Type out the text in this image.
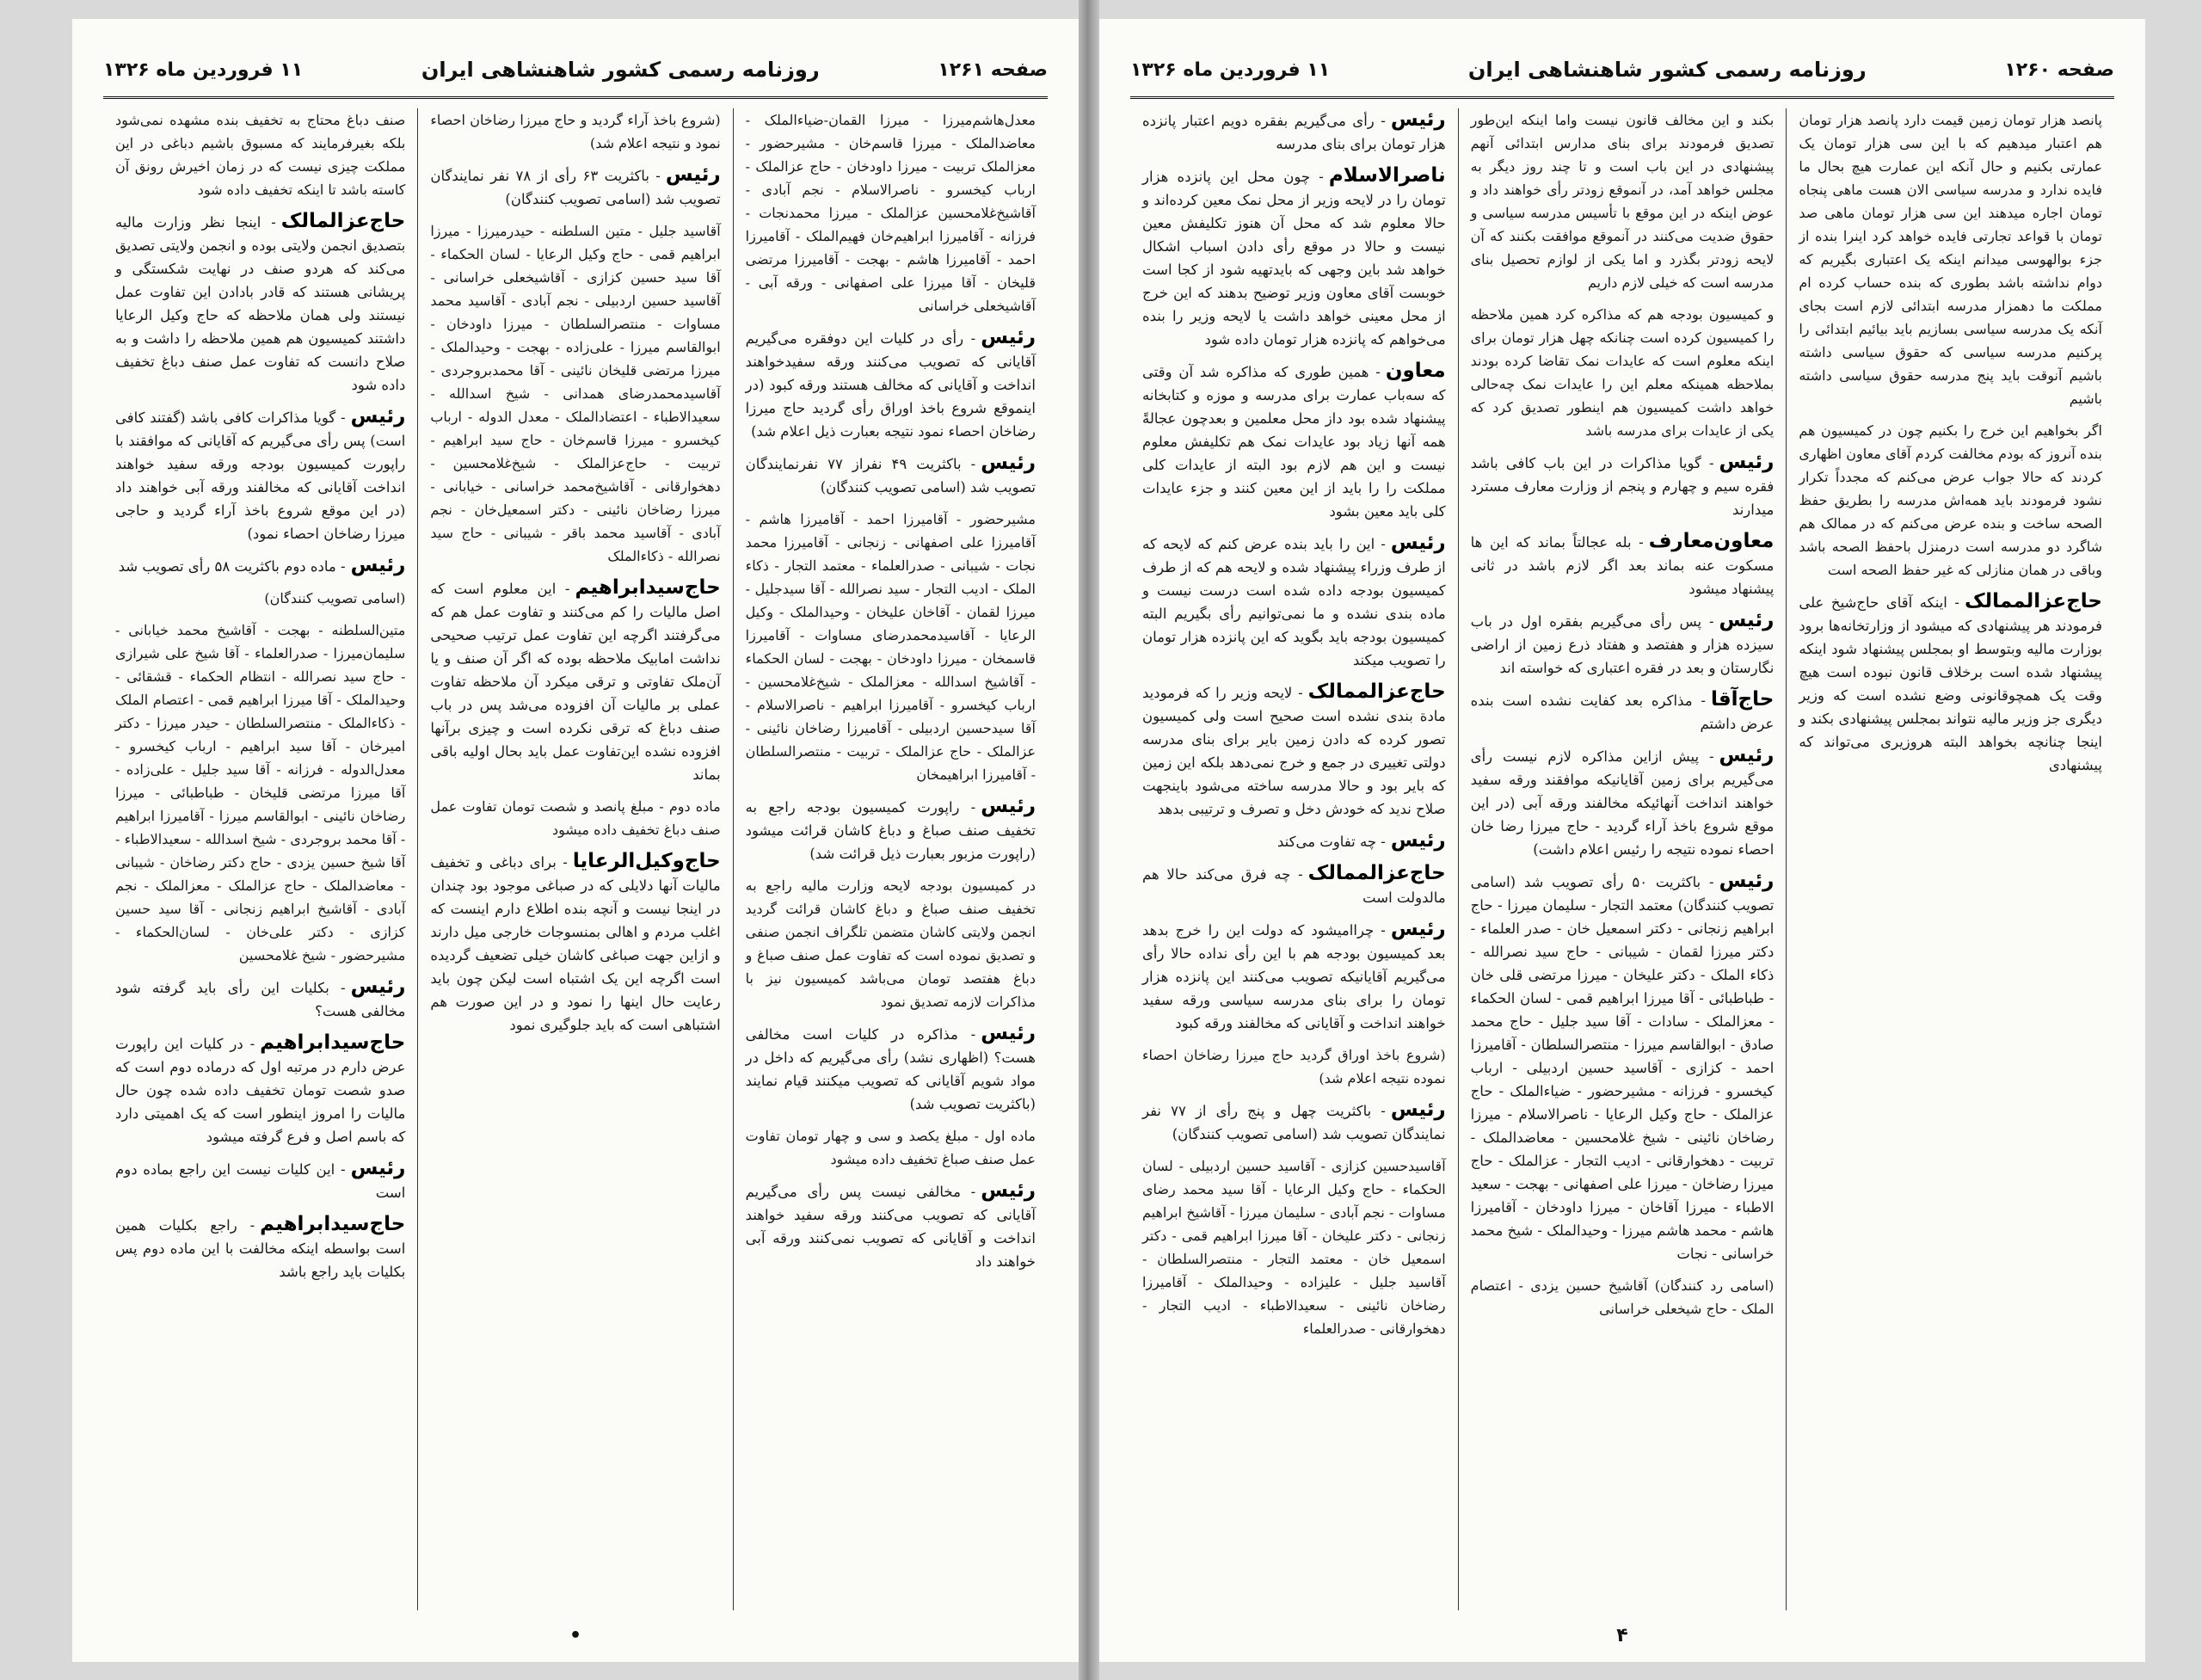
صفحه ۱۲۶۱
روزنامه رسمی کشور شاهنشاهی ایران
۱۱ فروردین ماه ۱۳۲۶
معدل‌هاشم‌میرزا - میرزا القمان-ضیاءالملک - معاضد‌الملک - میرزا قاسم‌خان - مشیرحضور - معزالملک تربیت - میرزا داودخان - حاج عزالملک - ارباب کیخسرو - ناصرالاسلام - نجم آبادی - آقاشیخ‌غلامحسین عزالملک - میرزا محمدنجات - فرزانه - آقامیرزا ابراهیم‌خان فهیم‌الملک - آقامیرزا احمد - آقامیرزا هاشم - بهجت - آقامیرزا مرتضی قلیخان - آقا میرزا علی اصفهانی - ورقه آبی - آقاشیخعلی خراسانی
رئیس- رأی در کلیات این دوفقره می‌گیریم آقایانی که تصویب می‌کنند ورقه سفیدخواهند انداخت و آقایانی که مخالف هستند ورقه کبود (در اینموقع شروع باخذ اوراق رأی گردید حاج میرزا رضاخان احصاء نمود نتیجه بعبارت ذیل اعلام شد)
رئیس- باکثریت ۴۹ نفراز ۷۷ نفرنمایندگان تصویب شد (اسامی تصویب کنندگان)
مشیرحضور - آقامیرزا احمد - آقامیرزا هاشم - آقامیرزا علی اصفهانی - زنجانی - آقامیرزا محمد نجات - شیبانی - صدرالعلماء - معتمد التجار - ذکاء الملک - ادیب التجار - سید نصرالله - آقا سید‌جلیل - میرزا لقمان - آقاخان علیخان - وحیدالملک - وکیل الرعایا - آقاسیدمحمدرضای مساوات - آقامیرزا قاسمخان - میرزا داودخان - بهجت - لسان الحکماء - آقاشیخ اسدالله - معزالملک - شیخ‌غلامحسین - ارباب کیخسرو - آقامیرزا ابراهیم - ناصرالاسلام - آقا سیدحسین اردبیلی - آقامیرزا رضاخان نائینی - عزالملک - حاج عزالملک - تربیت - منتصرالسلطان - آقامیرزا ابراهیمخان
رئیس- راپورت کمیسیون بودجه راجع به تخفیف صنف صباغ و دباغ کاشان قرائت میشود (راپورت مزبور بعبارت ذیل قرائت شد)
در کمیسیون بودجه لایحه وزارت مالیه راجع به تخفیف صنف صباغ و دباغ کاشان قرائت گردید انجمن ولایتی کاشان متضمن تلگراف انجمن صنفی و تصدیق نموده است که تفاوت عمل صنف صباغ و دباغ هفتصد تومان می‌باشد کمیسیون نیز با مذاکرات لازمه تصدیق نمود
رئیس- مذاکره در کلیات است مخالفی هست؟ (اظهاری نشد) رأی می‌گیریم که داخل در مواد شویم آقایانی که تصویب میکنند قیام نمایند (باکثریت تصویب شد)
ماده اول - مبلغ یکصد و سی و چهار تومان تفاوت عمل صنف صباغ تخفیف داده میشود
رئیس- مخالفی نیست پس رأی می‌گیریم آقایانی که تصویب می‌کنند ورقه سفید خواهند انداخت و آقایانی که تصویب نمی‌کنند ورقه آبی خواهند داد
(شروع باخذ آراء گردید و حاج میرزا رضاخان احصاء نمود و نتیجه اعلام شد)
رئیس- باکثریت ۶۳ رأی از ۷۸ نفر نمایندگان تصویب شد (اسامی تصویب کنندگان)
آقاسید جلیل - متین السلطنه - حیدرمیرزا - میرزا ابراهیم قمی - حاج وکیل الرعایا - لسان الحکماء - آقا سید حسین کزازی - آقاشیخعلی خراسانی - آقاسید حسین اردبیلی - نجم آبادی - آقاسید محمد مساوات - منتصرالسلطان - میرزا داودخان - ابوالقاسم میرزا - علی‌زاده - بهجت - وحیدالملک - میرزا مرتضی قلیخان نائینی - آقا محمدبروجردی - آقاسیدمحمدرضای همدانی - شیخ اسدالله - سعیدالاطباء - اعتضادالملک - معدل الدوله - ارباب کیخسرو - میرزا قاسم‌خان - حاج سید ابراهیم - تربیت - حاج‌عزالملک - شیخ‌غلامحسین - دهخوارقانی - آقاشیخ‌محمد خراسانی - خیابانی - میرزا رضاخان نائینی - دکتر اسمعیل‌خان - نجم آبادی - آقاسید محمد باقر - شیبانی - حاج سید نصرالله - ذکاءالملک
حاج‌سیدابراهیم- این معلوم است که اصل مالیات را کم می‌کنند و تفاوت عمل هم که می‌گرفتند اگرچه این تفاوت عمل ترتیب صحیحی نداشت امابیک ملاحظه بوده که اگر آن صنف و یا آن‌ملک تفاوتی و ترقی میکرد آن ملاحظه تفاوت عملی بر مالیات آن افزوده می‌شد پس در باب صنف دباغ که ترقی نکرده است و چیزی برآنها افزوده نشده این‌تفاوت عمل باید بحال اولیه باقی بماند
ماده دوم - مبلغ پانصد و شصت تومان تفاوت عمل صنف دباغ تخفیف داده میشود
حاج‌وکیل‌الرعایا- برای دباغی و تخفیف مالیات آنها دلایلی که در صباغی موجود بود چندان در اینجا نیست و آنچه بنده اطلاع دارم اینست که اغلب مردم و اهالی بمنسوجات خارجی میل دارند و ازاین جهت صباغی کاشان خیلی تضعیف گردیده است اگرچه این یک اشتباه است لیکن چون باید رعایت حال اینها را نمود و در این صورت هم اشتباهی است که باید جلوگیری نمود
صنف دباغ محتاج به تخفیف بنده مشهده نمی‌شود بلکه بغیرفرمایند که مسبوق باشیم دباغی در این مملکت چیزی نیست که در زمان اخیرش رونق آن کاسته باشد تا اینکه تخفیف داده شود
حاج‌عزالمالک- اینجا نظر وزارت مالیه بتصدیق انجمن ولایتی بوده و انجمن ولایتی تصدیق می‌کند که هردو صنف در نهایت شکستگی و پریشانی هستند که قادر بادادن این تفاوت عمل نیستند ولی همان ملاحظه که حاج وکیل الرعایا داشتند کمیسیون هم همین ملاحظه را داشت و به صلاح دانست که تفاوت عمل صنف دباغ تخفیف داده شود
رئیس- گویا مذاکرات کافی باشد (گفتند کافی است) پس رأی می‌گیریم که آقایانی که موافقند با راپورت کمیسیون بودجه ورقه سفید خواهند انداخت آقایانی که مخالفند ورقه آبی خواهند داد (در این موقع شروع باخذ آراء گردید و حاجی میرزا رضاخان احصاء نمود)
رئیس- ماده دوم باکثریت ۵۸ رأی تصویب شد
(اسامی تصویب کنندگان)
متین‌السلطنه - بهجت - آقاشیخ محمد خیابانی - سلیمان‌میرزا - صدرالعلماء - آقا شیخ علی شیرازی - حاج سید نصرالله - انتظام الحکماء - قشقائی - وحیدالملک - آقا میرزا ابراهیم قمی - اعتصام الملک - ذکاءالملک - منتصرالسلطان - حیدر میرزا - دکتر امیرخان - آقا سید ابراهیم - ارباب کیخسرو - معدل‌الدوله - فرزانه - آقا سید جلیل - علی‌زاده - آقا میرزا مرتضی قلیخان - طباطبائی - میرزا رضاخان نائینی - ابوالقاسم میرزا - آقامیرزا ابراهیم - آقا محمد بروجردی - شیخ اسدالله - سعیدالاطباء - آقا شیخ حسین یزدی - حاج دکتر رضاخان - شیبانی - معاضدالملک - حاج عزالملک - معزالملک - نجم آبادی - آقاشیخ ابراهیم زنجانی - آقا سید حسین کزازی - دکتر علی‌خان - لسان‌الحکماء - مشیرحضور - شیخ غلامحسین
رئیس- بکلیات این رأی باید گرفته شود مخالفی هست؟
حاج‌سیدابراهیم- در کلیات این راپورت عرض دارم در مرتبه اول که درماده دوم است که صدو شصت تومان تخفیف داده شده چون حال مالیات را امروز اینطور است که یک اهمیتی دارد که باسم اصل و فرع گرفته میشود
رئیس- این کلیات نیست این راجع بماده دوم است
حاج‌سید‌ابراهیم- راجع بکلیات همین است بواسطه اینکه مخالفت با این ماده دوم پس بکلیات باید راجع باشد
•
صفحه ۱۲۶۰
روزنامه رسمی کشور شاهنشاهی ایران
۱۱ فروردین ماه ۱۳۲۶
پانصد هزار تومان زمین قیمت دارد پانصد هزار تومان هم اعتبار میدهیم که با این سی هزار تومان یک عمارتی بکنیم و حال آنکه این عمارت هیچ بحال ما فایده ندارد و مدرسه سیاسی الان هست ماهی پنجاه تومان اجاره میدهند این سی هزار تومان ماهی صد تومان با قواعد تجارتی فایده خواهد کرد اینرا بنده از جزء بوالهوسی میدانم اینکه یک اعتباری بگیریم که دوام نداشته باشد بطوری که بنده حساب کرده ام مملکت ما دهمزار مدرسه ابتدائی لازم است بجای آنکه یک مدرسه سیاسی بسازیم باید بیائیم ابتدائی را پرکنیم مدرسه سیاسی که حقوق سیاسی داشته باشیم آنوقت باید پنج مدرسه حقوق سیاسی داشته باشیم
اگر بخواهیم این خرج را بکنیم چون در کمیسیون هم بنده آنروز که بودم مخالفت کردم آقای معاون اظهاری کردند که حالا جواب عرض می‌کنم که مجدداً تکرار نشود فرمودند باید همه‌اش مدرسه را بطریق حفظ الصحه ساخت و بنده عرض می‌کنم که در ممالک هم شاگرد دو مدرسه است درمنزل باحفظ الصحه باشد وباقی در همان منازلی که غیر حفظ الصحه است
حاج‌عزالممالک- اینکه آقای حاج‌شیخ علی فرمودند هر پیشنهادی که میشود از وزارتخانه‌ها برود بوزارت مالیه وبتوسط او بمجلس پیشنهاد شود اینکه پیشنهاد شده است برخلاف قانون نبوده است هیچ وقت یک همچوقانونی وضع نشده است که وزیر دیگری جز وزیر مالیه نتواند بمجلس پیشنهادی بکند و اینجا چنانچه بخواهد البته هروزیری می‌تواند که پیشنهادی
بکند و این مخالف قانون نیست واما اینکه این‌طور تصدیق فرمودند برای بنای مدارس ابتدائی آنهم پیشنهادی در این باب است و تا چند روز دیگر به مجلس خواهد آمد، در آنموقع زودتر رأی خواهند داد و عوض اینکه در این موقع با تأسیس مدرسه سیاسی و حقوق ضدیت می‌کنند در آنموقع موافقت بکنند که آن لایحه زودتر بگذرد و اما یکی از لوازم تحصیل بنای مدرسه است که خیلی لازم داریم
و کمیسیون بودجه هم که مذاکره کرد همین ملاحظه را کمیسیون کرده است چنانکه چهل هزار تومان برای اینکه معلوم است که عایدات نمک تقاضا کرده بودند بملاحظه همینکه معلم این را عایدات نمک چه‌حالی خواهد داشت کمیسیون هم اینطور تصدیق کرد که یکی از عایدات برای مدرسه باشد
رئیس- گویا مذاکرات در این باب کافی باشد فقره سیم و چهارم و پنجم از وزارت معارف مسترد میدارند
معاون‌معارف- بله عجالتاً بماند که این ها مسکوت عنه بماند بعد اگر لازم باشد در ثانی پیشنهاد میشود
رئیس- پس رأی می‌گیریم بفقره اول در باب سیزده هزار و هفتصد و هفتاد ذرع زمین از اراضی نگارستان و بعد در فقره اعتباری که خواسته اند
حاج‌آقا- مذاکره بعد کفایت نشده است بنده عرض داشتم
رئیس- پیش ازاین مذاکره لازم نیست رأی می‌گیریم برای زمین آقایانیکه موافقند ورقه سفید خواهند انداخت آنهائیکه مخالفند ورقه آبی (در این موقع شروع باخذ آراء گردید - حاج میرزا رضا خان احصاء نموده نتیجه را رئیس اعلام داشت)
رئیس- باکثریت ۵۰ رأی تصویب شد (اسامی تصویب کنندگان) معتمد التجار - سلیمان میرزا - حاج ابراهیم زنجانی - دکتر اسمعیل خان - صدر العلماء - دکتر میرزا لقمان - شیبانی - حاج سید نصرالله - ذکاء الملک - دکتر علیخان - میرزا مرتضی قلی خان - طباطبائی - آقا میرزا ابراهیم قمی - لسان الحکماء - معزالملک - سادات - آقا سید جلیل - حاج محمد صادق - ابوالقاسم میرزا - منتصرالسلطان - آقامیرزا احمد - کزازی - آقاسید حسین اردبیلی - ارباب کیخسرو - فرزانه - مشیرحضور - ضیاءالملک - حاج عزالملک - حاج وکیل الرعایا - ناصرالاسلام - میرزا رضاخان نائینی - شیخ غلامحسین - معاضدالملک - تربیت - دهخوارقانی - ادیب التجار - عزالملک - حاج میرزا رضاخان - میرزا علی اصفهانی - بهجت - سعید الاطباء - میرزا آقاخان - میرزا داودخان - آقامیرزا هاشم - محمد هاشم میرزا - وحیدالملک - شیخ محمد خراسانی - نجات
(اسامی رد کنندگان) آقاشیخ حسین یزدی - اعتصام الملک - حاج شیخعلی خراسانی
رئیس- رأی می‌گیریم بفقره دویم اعتبار پانزده هزار تومان برای بنای مدرسه
ناصرالاسلام- چون محل این پانزده هزار تومان را در لایحه وزیر از محل نمک معین کرده‌اند و حالا معلوم شد که محل آن هنوز تکلیفش معین نیست و حالا در موقع رأی دادن اسباب اشکال خواهد شد باین وجهی که بایدتهیه شود از کجا است خوبست آقای معاون وزیر توضیح بدهند که این خرج از محل معینی خواهد داشت یا لایحه وزیر را بنده می‌خواهم که پانزده هزار تومان داده شود
معاون- همین طوری که مذاکره شد آن وقتی که سه‌باب عمارت برای مدرسه و موزه و کتابخانه پیشنهاد شده بود داز محل معلمین و بعدچون عجالةً همه آنها زیاد بود عایدات نمک هم تکلیفش معلوم نیست و این هم لازم بود البته از عایدات کلی مملکت را را باید از این معین کنند و جزء عایدات کلی باید معین بشود
رئیس- این را باید بنده عرض کنم که لایحه که از طرف وزراء پیشنهاد شده و لایحه هم که از طرف کمیسیون بودجه داده شده است درست نیست و ماده بندی نشده و ما نمی‌توانیم رأی بگیریم البته کمیسیون بودجه باید بگوید که این پانزده هزار تومان را تصویب میکند
حاج‌عزالممالک- لایحه وزیر را که فرمودید مادة بندی نشده است صحیح است ولی کمیسیون تصور کرده که دادن زمین بایر برای بنای مدرسه دولتی تغییری در جمع و خرج نمی‌دهد بلکه این زمین که بایر بود و حالا مدرسه ساخته می‌شود باینجهت صلاح ندید که خودش دخل و تصرف و ترتیبی بدهد
رئیس- چه تفاوت می‌کند
حاج‌عزالممالک- چه فرق می‌کند حالا هم مالدولت است
رئیس- چراامیشود که دولت این را خرج بدهد بعد کمیسیون بودجه هم با این رأی نداده حالا رأی می‌گیریم آقایانیکه تصویب می‌کنند این پانزده هزار تومان را برای بنای مدرسه سیاسی ورقه سفید خواهند انداخت و آقایانی که مخالفند ورقه کبود
(شروع باخذ اوراق گردید حاج میرزا رضاخان احصاء نموده نتیجه اعلام شد)
رئیس- باکثریت چهل و پنج رأی از ۷۷ نفر نمایندگان تصویب شد (اسامی تصویب کنندگان)
آقاسیدحسین کزازی - آقاسید حسین اردبیلی - لسان الحکماء - حاج وکیل الرعایا - آقا سید محمد رضای مساوات - نجم آبادی - سلیمان میرزا - آقاشیخ ابراهیم زنجانی - دکتر علیخان - آقا میرزا ابراهیم قمی - دکتر اسمعیل خان - معتمد التجار - منتصرالسلطان - آقاسید جلیل - علیزاده - وحیدالملک - آقامیرزا رضاخان نائینی - سعیدالاطباء - ادیب التجار - دهخوارقانی - صدرالعلماء
۴
